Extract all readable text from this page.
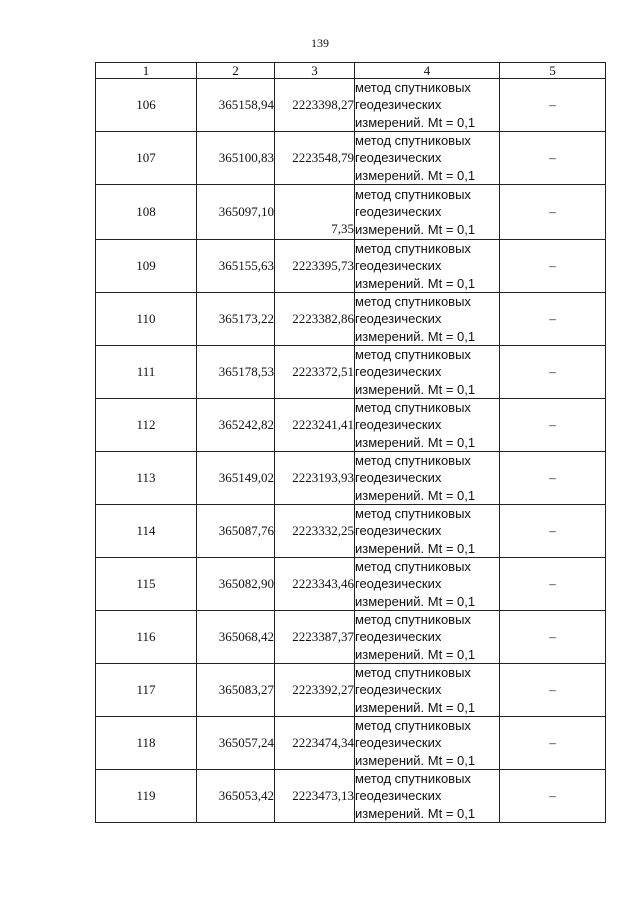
139
1	2	3	4	5
106	365158,94	2223398,27	метод спутниковых
геодезических
измерений. Mt = 0,1	–
107	365100,83	2223548,79	метод спутниковых
геодезических
измерений. Mt = 0,1	–
108	365097,10	7,35	метод спутниковых
геодезических
измерений. Mt = 0,1	–
109	365155,63	2223395,73	метод спутниковых
геодезических
измерений. Mt = 0,1	–
110	365173,22	2223382,86	метод спутниковых
геодезических
измерений. Mt = 0,1	–
111	365178,53	2223372,51	метод спутниковых
геодезических
измерений. Mt = 0,1	–
112	365242,82	2223241,41	метод спутниковых
геодезических
измерений. Mt = 0,1	–
113	365149,02	2223193,93	метод спутниковых
геодезических
измерений. Mt = 0,1	–
114	365087,76	2223332,25	метод спутниковых
геодезических
измерений. Mt = 0,1	–
115	365082,90	2223343,46	метод спутниковых
геодезических
измерений. Mt = 0,1	–
116	365068,42	2223387,37	метод спутниковых
геодезических
измерений. Mt = 0,1	–
117	365083,27	2223392,27	метод спутниковых
геодезических
измерений. Mt = 0,1	–
118	365057,24	2223474,34	метод спутниковых
геодезических
измерений. Mt = 0,1	–
119	365053,42	2223473,13	метод спутниковых
геодезических
измерений. Mt = 0,1	–
